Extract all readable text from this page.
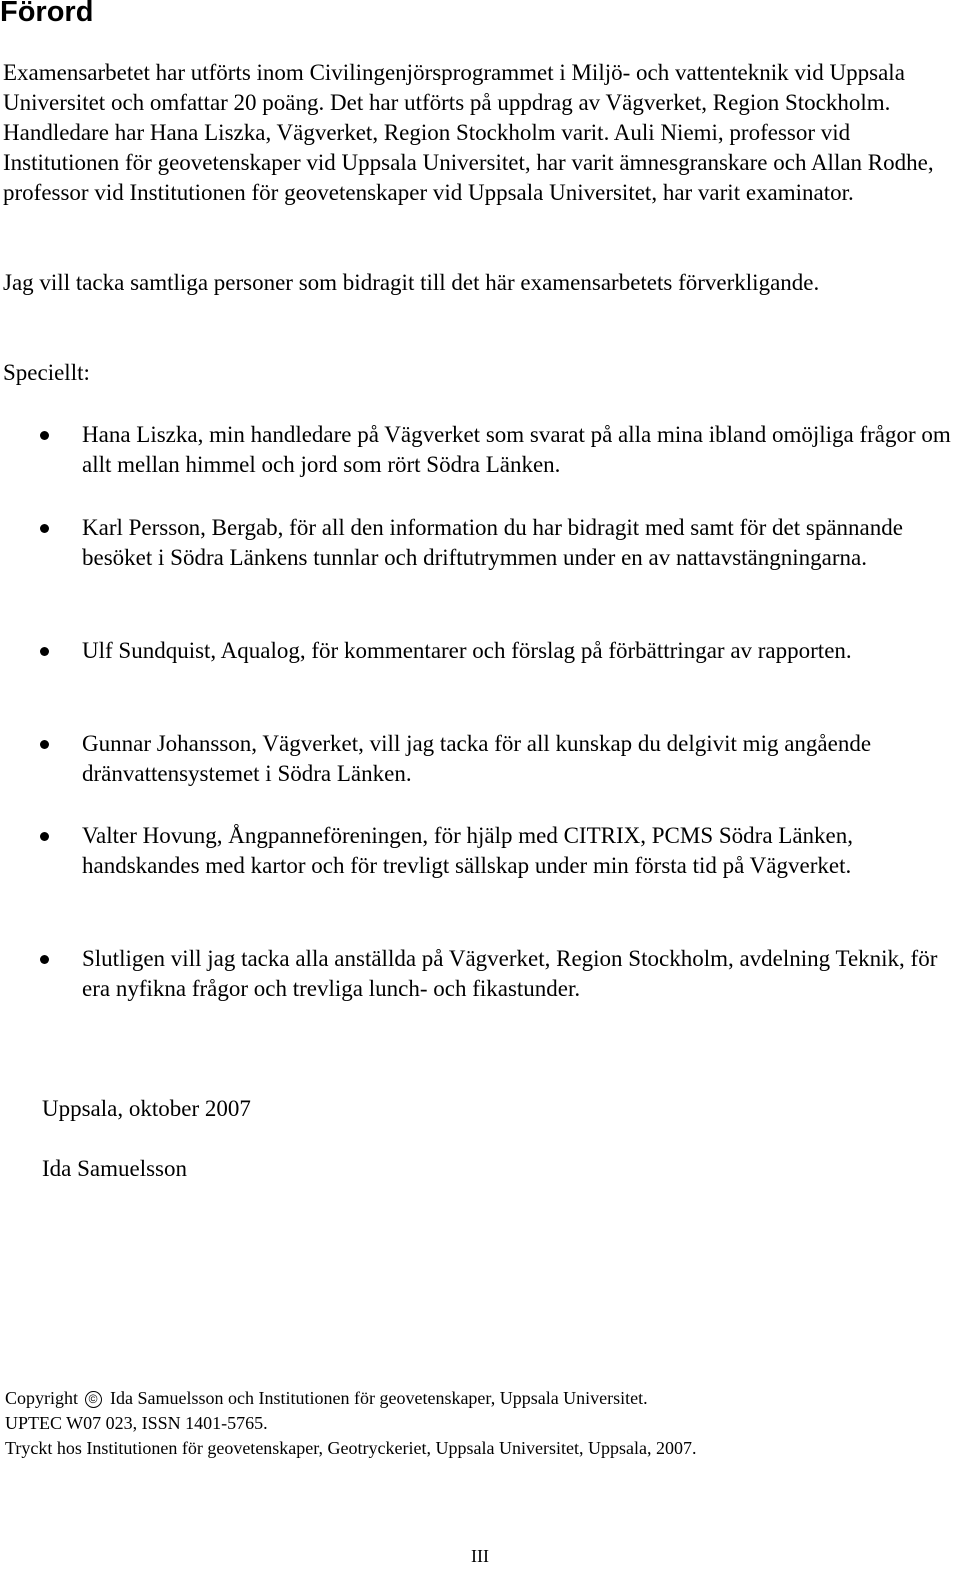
Förord

Examensarbetet har utförts inom Civilingenjörsprogrammet i Miljö- och vattenteknik vid Uppsala Universitet och omfattar 20 poäng. Det har utförts på uppdrag av Vägverket, Region Stockholm. Handledare har Hana Liszka, Vägverket, Region Stockholm varit. Auli Niemi, professor vid Institutionen för geovetenskaper vid Uppsala Universitet, har varit ämnesgranskare och Allan Rodhe, professor vid Institutionen för geovetenskaper vid Uppsala Universitet, har varit examinator.

Jag vill tacka samtliga personer som bidragit till det här examensarbetets förverkligande.

Speciellt:

Hana Liszka, min handledare på Vägverket som svarat på alla mina ibland omöjliga frågor om allt mellan himmel och jord som rört Södra Länken.
Karl Persson, Bergab, för all den information du har bidragit med samt för det spännande besöket i Södra Länkens tunnlar och driftutrymmen under en av nattavstängningarna.
Ulf Sundquist, Aqualog, för kommentarer och förslag på förbättringar av rapporten.
Gunnar Johansson, Vägverket, vill jag tacka för all kunskap du delgivit mig angående dränvattensystemet i Södra Länken.
Valter Hovung, Ångpanneföreningen, för hjälp med CITRIX, PCMS Södra Länken, handskandes med kartor och för trevligt sällskap under min första tid på Vägverket.
Slutligen vill jag tacka alla anställda på Vägverket, Region Stockholm, avdelning Teknik, för era nyfikna frågor och trevliga lunch- och fikastunder.

Uppsala, oktober 2007

Ida Samuelsson

Copyright © Ida Samuelsson och Institutionen för geovetenskaper, Uppsala Universitet.
UPTEC W07 023, ISSN 1401-5765.
Tryckt hos Institutionen för geovetenskaper, Geotryckeriet, Uppsala Universitet, Uppsala, 2007.
III
